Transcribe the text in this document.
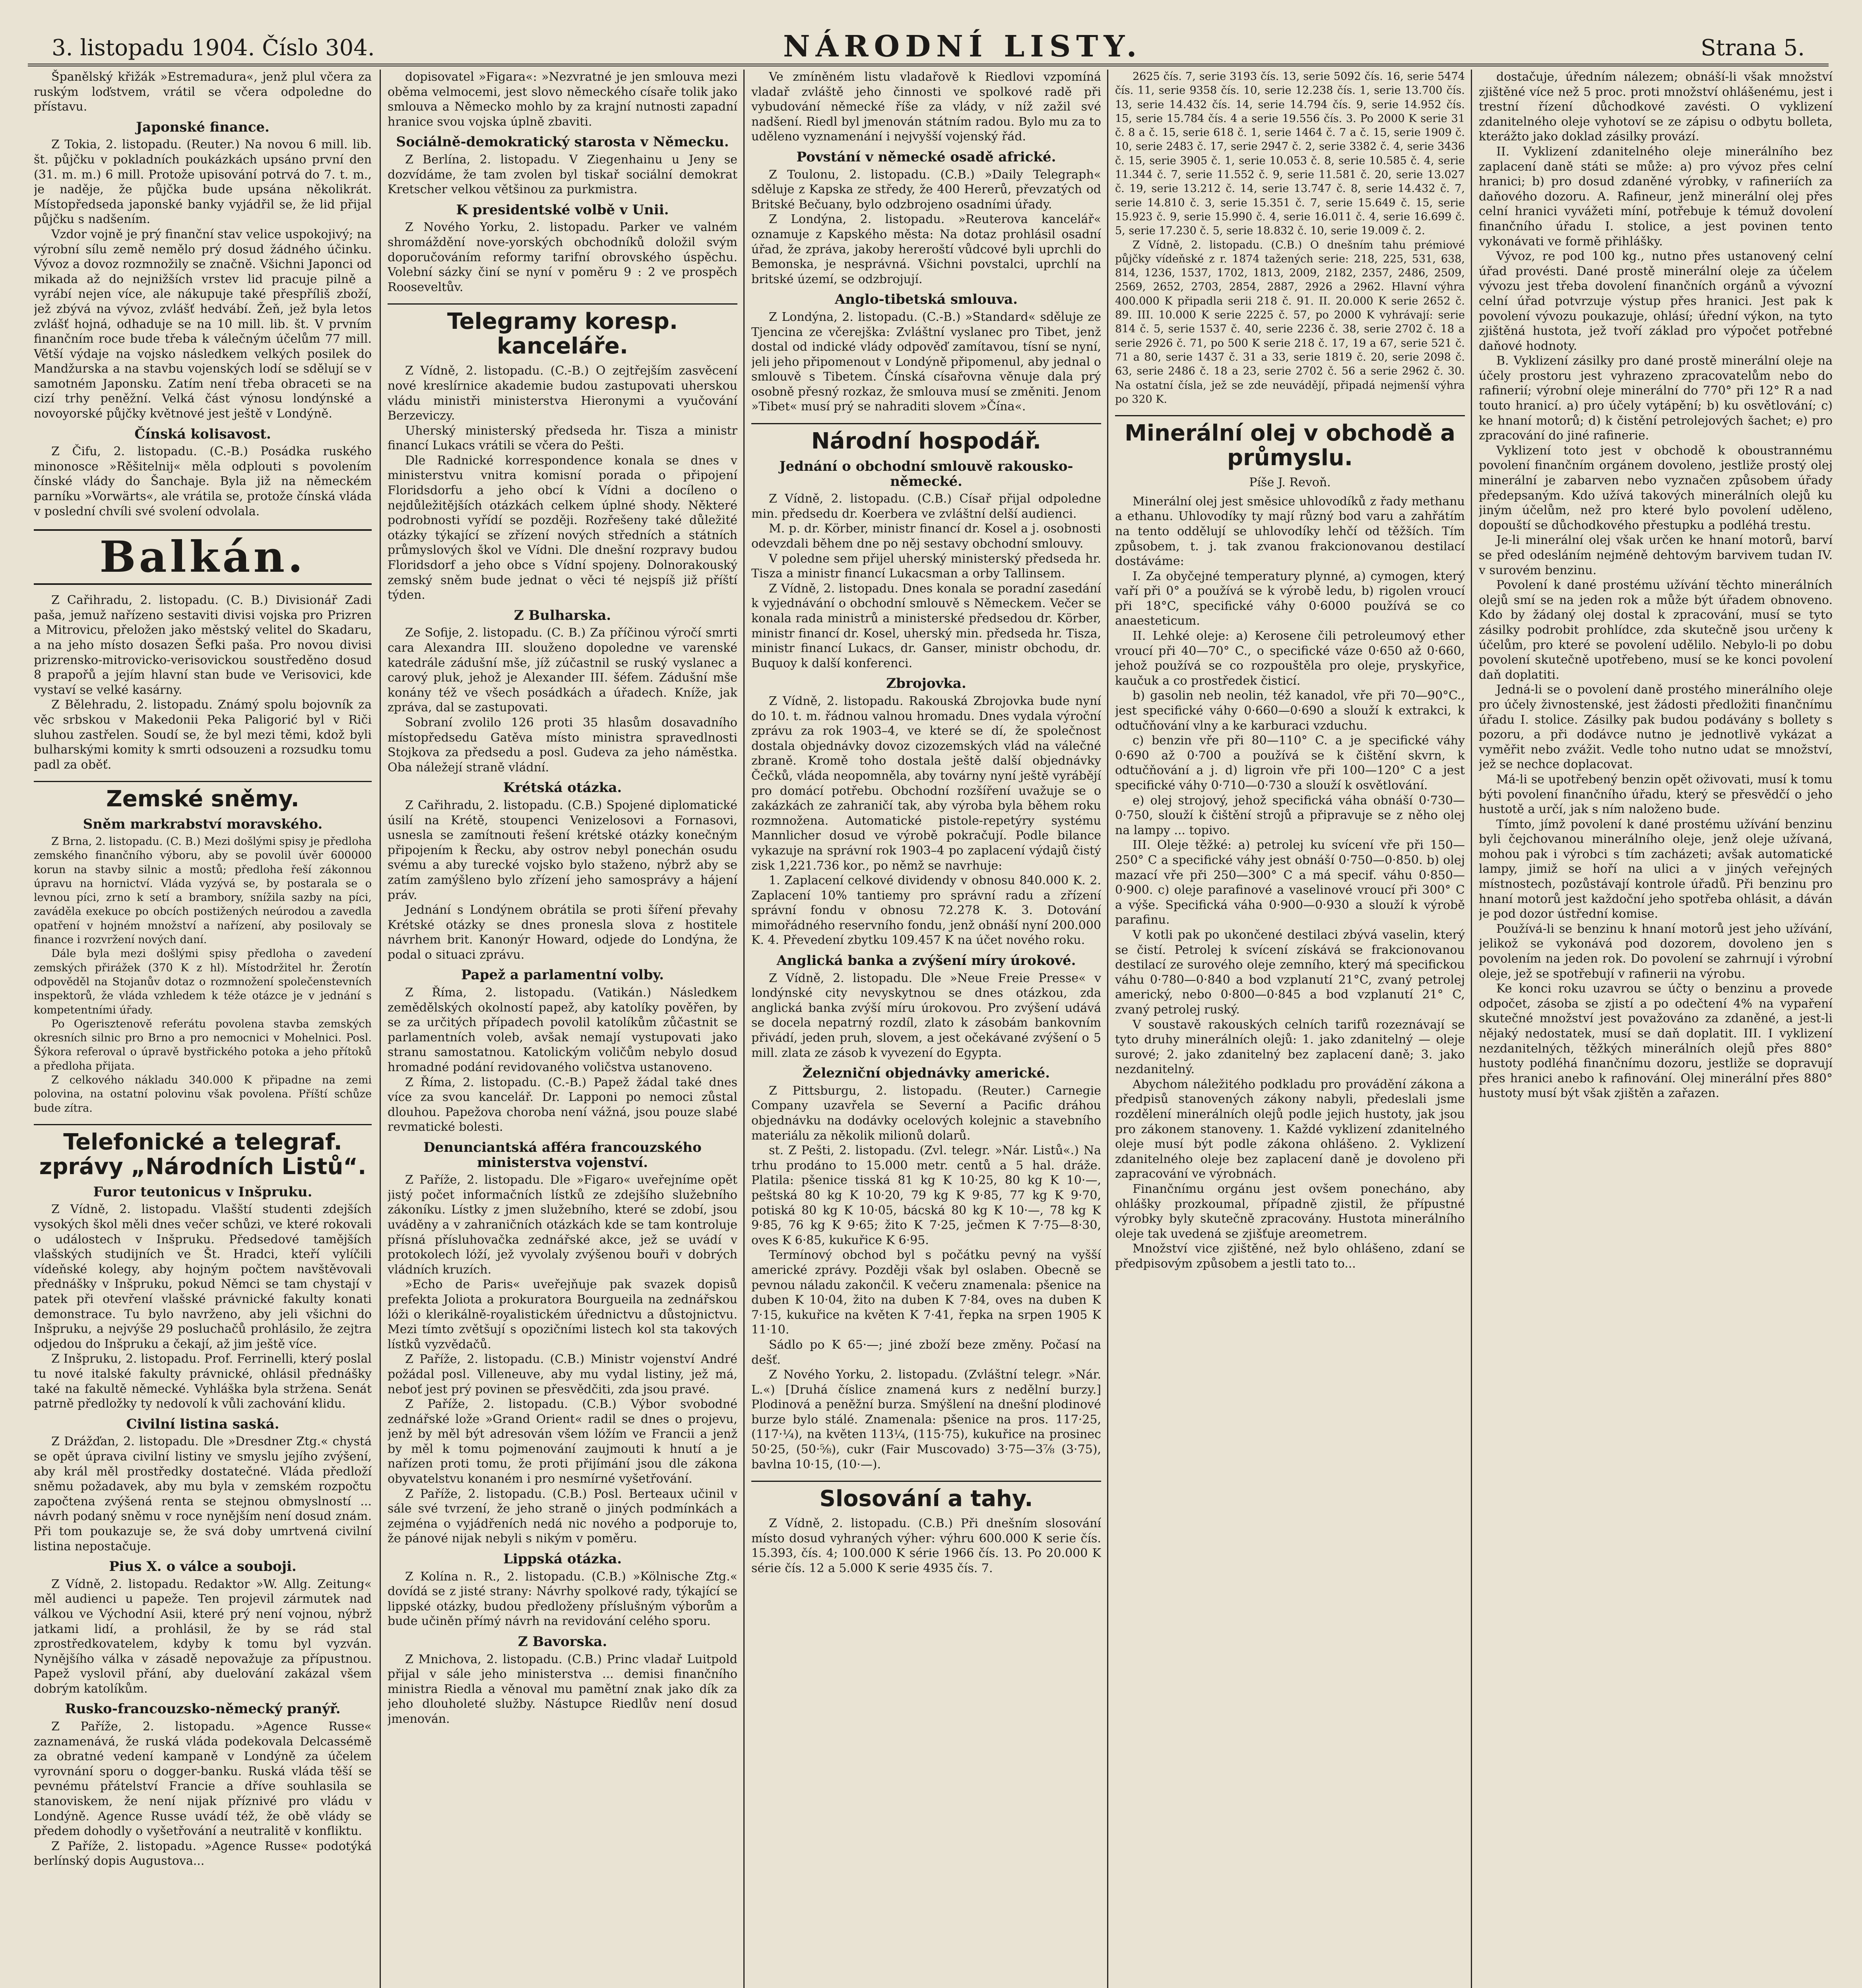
3. listopadu 1904. Číslo 304.	NÁRODNÍ LISTY.	Strana 5.

Španělský křižák »Estremadura«, jenž plul včera za ruským loďstvem, vrátil se včera odpoledne do přístavu.

Japonské finance.

Z Tokia, 2. listopadu. (Reuter.) Na novou 6 mill. lib. št. půjčku v pokladních poukázkách upsáno první den (31. m. m.) 6 mill. Protože upisování potrvá do 7. t. m., je naděje, že půjčka bude upsána několikrát. Místopředseda japonské banky vyjádřil se, že lid přijal půjčku s nadšením.

Vzdor vojně je prý finanční stav velice uspokojivý; na výrobní sílu země nemělo prý dosud žádného účinku. Vývoz a dovoz rozmnožily se značně. Všichni Japonci od mikada až do nejnižších vrstev lid pracuje pilně a vyrábí nejen více, ale nákupuje také přespříliš zboží, jež zbývá na vývoz, zvlášť hedvábí. Žeň, jež byla letos zvlášť hojná, odhaduje se na 10 mill. lib. št. V prvním finančním roce bude třeba k válečným účelům 77 mill. Větší výdaje na vojsko následkem velkých posilek do Mandžurska a na stavbu vojenských lodí se sdělují se v samotném Japonsku. Zatím není třeba obraceti se na cizí trhy peněžní. Velká část výnosu londýnské a novoyorské půjčky květnové jest ještě v Londýně.

Čínská kolisavost.

Z Čifu, 2. listopadu. (C.-B.) Posádka ruského minonosce »Rěšitelnij« měla odplouti s povolením čínské vlády do Šanchaje. Byla již na německém parníku »Vorwärts«, ale vrátila se, protože čínská vláda v poslední chvíli své svolení odvolala.

Balkán.

Z Cařihradu, 2. listopadu. (C. B.) Divisionář Zadi paša, jemuž nařízeno sestaviti divisi vojska pro Prizren a Mitrovicu, přeložen jako městský velitel do Skadaru, a na jeho místo dosazen Šefki paša. Pro novou divisi prizrensko-mitrovicko-verisovickou soustředěno dosud 8 prapořů a jejím hlavní stan bude ve Verisovici, kde vystaví se velké kasárny.

Z Bělehradu, 2. listopadu. Známý spolu bojovník za věc srbskou v Makedonii Peka Paligorić byl v Riči sluhou zastřelen. Soudí se, že byl mezi těmi, kdož byli bulharskými komity k smrti odsouzeni a rozsudku tomu padl za oběť.

Zemské sněmy.
Sněm markrabství moravského.

Z Brna, 2. listopadu. (C. B.) Mezi došlými spisy je předloha zemského finančního výboru, aby se povolil úvěr 600000 korun na stavby silnic a mostů; předloha řeší zákonnou úpravu na hornictví. Vláda vyzývá se, by postarala se o levnou píci, zrno k setí a brambory, snížila sazby na píci, zaváděla exekuce po obcích postižených neúrodou a zavedla opatření v hojném množství a nařízení, aby posilovaly se finance i rozvržení nových daní.

Dále byla mezi došlými spisy předloha o zavedení zemských přirážek (370 K z hl). Místodržitel hr. Žerotín odpověděl na Stojanův dotaz o rozmnožení společenstevních inspektorů, že vláda vzhledem k téže otázce je v jednání s kompetentními úřady.

Po Ogerisztenově referátu povolena stavba zemských okresních silnic pro Brno a pro nemocnici v Mohelnici. Posl. Šýkora referoval o úpravě bystřického potoka a jeho přítoků a předloha přijata.

Z celkového nákladu 340.000 K připadne na zemi polovina, na ostatní polovinu však povolena. Příští schůze bude zítra.

Telefonické a telegraf. zprávy „Národních Listů“.
Furor teutonicus v Inšpruku.

Z Vídně, 2. listopadu. Vlašští studenti zdejších vysokých škol měli dnes večer schůzi, ve které rokovali o událostech v Inšpruku. Předsedové tamějších vlašských studijních ve Št. Hradci, kteří vylíčili vídeňské kolegy, aby hojným počtem navštěvovali přednášky v Inšpruku, pokud Němci se tam chystají v patek při otevření vlašské právnické fakulty konati demonstrace. Tu bylo navrženo, aby jeli všichni do Inšpruku, a nejvýše 29 posluchačů prohlásilo, že zejtra odjedou do Inšpruku a čekají, až jim ještě více.

Z Inšpruku, 2. listopadu. Prof. Ferrinelli, který poslal tu nové italské fakulty právnické, ohlásil přednášky také na fakultě německé. Vyhláška byla stržena. Senát patrně předložky ty nedovolí k vůli zachování klidu.

Civilní listina saská.

Z Drážďan, 2. listopadu. Dle »Dresdner Ztg.« chystá se opět úprava civilní listiny ve smyslu jejího zvýšení, aby král měl prostředky dostatečné. Vláda předloží sněmu požadavek, aby mu byla v zemském rozpočtu započtena zvýšená renta se stejnou obmyslností ... návrh podaný sněmu v roce nynějším není dosud znám. Při tom poukazuje se, že svá doby umrtvená civilní listina nepostačuje.

Pius X. o válce a souboji.

Z Vídně, 2. listopadu. Redaktor »W. Allg. Zeitung« měl audienci u papeže. Ten projevil zármutek nad válkou ve Východní Asii, které prý není vojnou, nýbrž jatkami lidí, a prohlásil, že by se rád stal zprostředkovatelem, kdyby k tomu byl vyzván. Nynějšího válka v zásadě nepovažuje za přípustnou. Papež vyslovil přání, aby duelování zakázal všem dobrým katolíkům.

Rusko-francouzsko-německý pranýř.

Z Paříže, 2. listopadu. »Agence Russe« zaznamenává, že ruská vláda podekovala Delcassémě za obratné vedení kampaně v Londýně za účelem vyrovnání sporu o dogger-banku. Ruská vláda těší se pevnému přátelství Francie a dříve souhlasila se stanoviskem, že není nijak příznivé pro vládu v Londýně. Agence Russe uvádí též, že obě vlády se předem dohodly o vyšetřování a neutralitě v konfliktu.

Z Paříže, 2. listopadu. »Agence Russe« podotýká berlínský dopis Augustova...

dopisovatel »Figara«: »Nezvratné je jen smlouva mezi oběma velmocemi, jest slovo německého císaře tolik jako smlouva a Německo mohlo by za krajní nutnosti zapadní hranice svou vojska úplně zbaviti.

Sociálně-demokratický starosta v Německu.

Z Berlína, 2. listopadu. V Ziegenhainu u Jeny se dozvídáme, že tam zvolen byl tiskař sociální demokrat Kretscher velkou většinou za purkmistra.

K presidentské volbě v Unii.

Z Nového Yorku, 2. listopadu. Parker ve valném shromáždění nove-yorských obchodníků doložil svým doporučováním reformy tarifní obrovského úspěchu. Volební sázky činí se nyní v poměru 9 : 2 ve prospěch Rooseveltův.

Telegramy koresp. kanceláře.

Z Vídně, 2. listopadu. (C.-B.) O zejtřejším zasvěcení nové kreslírnice akademie budou zastupovati uherskou vládu ministři ministerstva Hieronymi a vyučování Berzeviczy.

Uherský ministerský předseda hr. Tisza a ministr financí Lukacs vrátili se včera do Pešti.

Dle Radnické korrespondence konala se dnes v ministerstvu vnitra komisní porada o připojení Floridsdorfu a jeho obcí k Vídni a docíleno o nejdůležitějších otázkách celkem úplné shody. Některé podrobnosti vyřídí se později. Rozřešeny také důležité otázky týkající se zřízení nových středních a státních průmyslových škol ve Vídni. Dle dnešní rozpravy budou Floridsdorf a jeho obce s Vídní spojeny. Dolnorakouský zemský sněm bude jednat o věci té nejspíš již příští týden.

Z Bulharska.

Ze Sofije, 2. listopadu. (C. B.) Za příčinou výročí smrti cara Alexandra III. slouženo dopoledne ve varenské katedrále zádušní mše, jíž zúčastnil se ruský vyslanec a carový pluk, jehož je Alexander III. šéfem. Zádušní mše konány též ve všech posádkách a úřadech. Kníže, jak zpráva, dal se zastupovati.

Sobraní zvolilo 126 proti 35 hlasům dosavadního místopředsedu Gatěva místo ministra spravedlnosti Stojkova za předsedu a posl. Gudeva za jeho náměstka. Oba náležejí straně vládní.

Krétská otázka.

Z Cařihradu, 2. listopadu. (C.B.) Spojené diplomatické úsilí na Krétě, stoupenci Venizelosovi a Fornasovi, usnesla se zamítnouti řešení krétské otázky konečným připojením k Řecku, aby ostrov nebyl ponechán osudu svému a aby turecké vojsko bylo staženo, nýbrž aby se zatím zamýšleno bylo zřízení jeho samosprávy a hájení práv.

Jednání s Londýnem obrátila se proti šíření převahy Krétské otázky se dnes pronesla slova z hostitele návrhem brit. Kanonýr Howard, odjede do Londýna, že podal o situaci zprávu.

Papež a parlamentní volby.

Z Říma, 2. listopadu. (Vatikán.) Následkem zemědělských okolností papež, aby katolíky pověřen, by se za určitých případech povolil katolíkům zůčastnit se parlamentních voleb, avšak nemají vystupovati jako stranu samostatnou. Katolickým voličům nebylo dosud hromadné podání revidovaného voličstva ustanoveno.

Z Říma, 2. listopadu. (C.-B.) Papež žádal také dnes více za svou kancelář. Dr. Lapponi po nemoci zůstal dlouhou. Papežova choroba není vážná, jsou pouze slabé revmatické bolesti.

Denunciantská afféra francouzského ministerstva vojenství.

Z Paříže, 2. listopadu. Dle »Figaro« uveřejníme opět jistý počet informačních lístků ze zdejšího služebního zákoníku. Lístky z jmen služebního, které se zdobí, jsou uváděny a v zahraničních otázkách kde se tam kontroluje přísná přísluhovačka zednářské akce, jež se uvádí v protokolech lóží, jež vyvolaly zvýšenou bouři v dobrých vládních kruzích.

»Echo de Paris« uveřejňuje pak svazek dopisů prefekta Joliota a prokuratora Bourgueila na zednářskou lóži o klerikálně-royalistickém úřednictvu a důstojnictvu. Mezi tímto zvětšují s opozičními listech kol sta takových lístků vyzvědačů.

Z Paříže, 2. listopadu. (C.B.) Ministr vojenství André požádal posl. Villeneuve, aby mu vydal listiny, jež má, neboť jest prý povinen se přesvědčiti, zda jsou pravé.

Z Paříže, 2. listopadu. (C.B.) Výbor svobodné zednářské lože »Grand Orient« radil se dnes o projevu, jenž by měl být adresován všem lóžím ve Francii a jenž by měl k tomu pojmenování zaujmouti k hnutí a je nařízen proti tomu, že proti přijímání jsou dle zákona obyvatelstvu konaném i pro nesmírné vyšetřování.

Z Paříže, 2. listopadu. (C.B.) Posl. Berteaux učinil v sále své tvrzení, že jeho straně o jiných podmínkách a zejména o vyjádřeních nedá nic nového a podporuje to, že pánové nijak nebyli s nikým v poměru.

Lippská otázka.

Z Kolína n. R., 2. listopadu. (C.B.) »Kölnische Ztg.« dovídá se z jisté strany: Návrhy spolkové rady, týkající se lippské otázky, budou předloženy příslušným výborům a bude učiněn přímý návrh na revidování celého sporu.

Z Bavorska.

Z Mnichova, 2. listopadu. (C.B.) Princ vladař Luitpold přijal v sále jeho ministerstva ... demisi finančního ministra Riedla a věnoval mu pamětní znak jako dík za jeho dlouholeté služby. Nástupce Riedlův není dosud jmenován.

Ve zmíněném listu vladařově k Riedlovi vzpomíná vladař zvláště jeho činnosti ve spolkové radě při vybudování německé říše za vlády, v níž zažil své nadšení. Riedl byl jmenován státním radou. Bylo mu za to uděleno vyznamenání i nejvyšší vojenský řád.

Povstání v německé osadě africké.

Z Toulonu, 2. listopadu. (C.B.) »Daily Telegraph« sděluje z Kapska ze středy, že 400 Hererů, převzatých od Britské Bečuany, bylo odzbrojeno osadními úřady.

Z Londýna, 2. listopadu. »Reuterova kancelář« oznamuje z Kapského města: Na dotaz prohlásil osadní úřad, že zpráva, jakoby hereroští vůdcové byli uprchli do Bemonska, je nesprávná. Všichni povstalci, uprchlí na britské území, se odzbrojují.

Anglo-tibetská smlouva.

Z Londýna, 2. listopadu. (C.-B.) »Standard« sděluje ze Tjencina ze včerejška: Zvláštní vyslanec pro Tibet, jenž dostal od indické vlády odpověď zamítavou, tísní se nyní, jeli jeho připomenout v Londýně připomenul, aby jednal o smlouvě s Tibetem. Čínská císařovna věnuje dala prý osobně přesný rozkaz, že smlouva musí se změniti. Jenom »Tibet« musí prý se nahraditi slovem »Čína«.

Národní hospodář.
Jednání o obchodní smlouvě rakousko-německé.

Z Vídně, 2. listopadu. (C.B.) Císař přijal odpoledne min. předsedu dr. Koerbera ve zvláštní delší audienci.

M. p. dr. Körber, ministr financí dr. Kosel a j. osobnosti odevzdali během dne po něj sestavy obchodní smlouvy.

V poledne sem přijel uherský ministerský předseda hr. Tisza a ministr financí Lukacsman a orby Tallinsem.

Z Vídně, 2. listopadu. Dnes konala se poradní zasedání k vyjednávání o obchodní smlouvě s Německem. Večer se konala rada ministrů a ministerské předsedou dr. Körber, ministr financí dr. Kosel, uherský min. předseda hr. Tisza, ministr financí Lukacs, dr. Ganser, ministr obchodu, dr. Buquoy k další konferenci.

Zbrojovka.

Z Vídně, 2. listopadu. Rakouská Zbrojovka bude nyní do 10. t. m. řádnou valnou hromadu. Dnes vydala výroční zprávu za rok 1903–4, ve které se dí, že společnost dostala objednávky dovoz cizozemských vlád na válečné zbraně. Kromě toho dostala ještě další objednávky Čečků, vláda neopomněla, aby továrny nyní ještě vyrábějí pro domácí potřebu. Obchodní rozšíření uvažuje se o zakázkách ze zahraničí tak, aby výroba byla během roku rozmnožena. Automatické pistole-repetýry systému Mannlicher dosud ve výrobě pokračují. Podle bilance vykazuje na správní rok 1903–4 po zaplacení výdajů čistý zisk 1,221.736 kor., po němž se navrhuje:

1. Zaplacení celkové dividendy v obnosu 840.000 K. 2. Zaplacení 10% tantiemy pro správní radu a zřízení správní fondu v obnosu 72.278 K. 3. Dotování mimořádného reservního fondu, jenž obnáší nyní 200.000 K. 4. Převedení zbytku 109.457 K na účet nového roku.

Anglická banka a zvýšení míry úrokové.

Z Vídně, 2. listopadu. Dle »Neue Freie Presse« v londýnské city nevyskytnou se dnes otázkou, zda anglická banka zvýší míru úrokovou. Pro zvýšení udává se docela nepatrný rozdíl, zlato k zásobám bankovním přivádí, jeden pruh, slovem, a jest očekávané zvýšení o 5 mill. zlata ze zásob k vyvezení do Egypta.

Železniční objednávky americké.

Z Pittsburgu, 2. listopadu. (Reuter.) Carnegie Company uzavřela se Severní a Pacific dráhou objednávku na dodávky ocelových kolejnic a stavebního materiálu za několik milionů dolarů.

st. Z Pešti, 2. listopadu. (Zvl. telegr. »Nár. Listů«.) Na trhu prodáno to 15.000 metr. centů a 5 hal. dráže. Platila: pšenice tisská 81 kg K 10·25, 80 kg K 10·—, peštská 80 kg K 10·20, 79 kg K 9·85, 77 kg K 9·70, potiská 80 kg K 10·05, bácská 80 kg K 10·—, 78 kg K 9·85, 76 kg K 9·65; žito K 7·25, ječmen K 7·75—8·30, oves K 6·85, kukuřice K 6·95.

Termínový obchod byl s počátku pevný na vyšší americké zprávy. Později však byl oslaben. Obecně se pevnou náladu zakončil. K večeru znamenala: pšenice na duben K 10·04, žito na duben K 7·84, oves na duben K 7·15, kukuřice na květen K 7·41, řepka na srpen 1905 K 11·10.

Sádlo po K 65·—; jiné zboží beze změny. Počasí na dešť.

Z Nového Yorku, 2. listopadu. (Zvláštní telegr. »Nár. L.«) [Druhá číslice znamená kurs z nedělní burzy.] Plodinová a peněžní burza. Smýšlení na dnešní plodinové burze bylo stálé. Znamenala: pšenice na pros. 117·25, (117·¼), na květen 113¼, (115·75), kukuřice na prosinec 50·25, (50·⅝), cukr (Fair Muscovado) 3·75—3⅞ (3·75), bavlna 10·15, (10·—).

Slosování a tahy.

Z Vídně, 2. listopadu. (C.B.) Při dnešním slosování místo dosud vyhraných výher: výhru 600.000 K serie čís. 15.393, čís. 4; 100.000 K série 1966 čís. 13. Po 20.000 K série čís. 12 a 5.000 K serie 4935 čís. 7.

2625 čís. 7, serie 3193 čís. 13, serie 5092 čís. 16, serie 5474 čís. 11, serie 9358 čís. 10, serie 12.238 čís. 1, serie 13.700 čís. 13, serie 14.432 čís. 14, serie 14.794 čís. 9, serie 14.952 čís. 15, serie 15.784 čís. 4 a serie 19.556 čís. 3. Po 2000 K serie 31 č. 8 a č. 15, serie 618 č. 1, serie 1464 č. 7 a č. 15, serie 1909 č. 10, serie 2483 č. 17, serie 2947 č. 2, serie 3382 č. 4, serie 3436 č. 15, serie 3905 č. 1, serie 10.053 č. 8, serie 10.585 č. 4, serie 11.344 č. 7, serie 11.552 č. 9, serie 11.581 č. 20, serie 13.027 č. 19, serie 13.212 č. 14, serie 13.747 č. 8, serie 14.432 č. 7, serie 14.810 č. 3, serie 15.351 č. 7, serie 15.649 č. 15, serie 15.923 č. 9, serie 15.990 č. 4, serie 16.011 č. 4, serie 16.699 č. 5, serie 17.230 č. 5, serie 18.832 č. 10, serie 19.009 č. 2.

Z Vídně, 2. listopadu. (C.B.) O dnešním tahu prémiové půjčky vídeňské z r. 1874 tažených serie: 218, 225, 531, 638, 814, 1236, 1537, 1702, 1813, 2009, 2182, 2357, 2486, 2509, 2569, 2652, 2703, 2854, 2887, 2926 a 2962. Hlavní výhra 400.000 K připadla serii 218 č. 91. II. 20.000 K serie 2652 č. 89. III. 10.000 K serie 2225 č. 57, po 2000 K vyhrávají: serie 814 č. 5, serie 1537 č. 40, serie 2236 č. 38, serie 2702 č. 18 a serie 2926 č. 71, po 500 K serie 218 č. 17, 19 a 67, serie 521 č. 71 a 80, serie 1437 č. 31 a 33, serie 1819 č. 20, serie 2098 č. 63, serie 2486 č. 18 a 23, serie 2702 č. 56 a serie 2962 č. 30. Na ostatní čísla, jež se zde neuvádějí, připadá nejmenší výhra po 320 K.

Minerální olej v obchodě a průmyslu.
Píše J. Revoň.

Minerální olej jest směsice uhlovodíků z řady methanu a ethanu. Uhlovodíky ty mají různý bod varu a zahřátím na tento oddělují se uhlovodíky lehčí od těžších. Tím způsobem, t. j. tak zvanou frakcionovanou destilací dostáváme:

I. Za obyčejné temperatury plynné, a) cymogen, který vaří při 0° a používá se k výrobě ledu, b) rigolen vroucí při 18°C, specifické váhy 0·6000 používá se co anaesteticum.

II. Lehké oleje: a) Kerosene čili petroleumový ether vroucí při 40—70° C., o specifické váze 0·650 až 0·660, jehož používá se co rozpouštěla pro oleje, pryskyřice, kaučuk a co prostředek čisticí.

b) gasolin neb neolin, též kanadol, vře při 70—90°C., jest specifické váhy 0·660—0·690 a slouží k extrakci, k odtučňování vlny a ke karburaci vzduchu.

c) benzin vře při 80—110° C. a je specifické váhy 0·690 až 0·700 a používá se k čištění skvrn, k odtučňování a j. d) ligroin vře při 100—120° C a jest specifické váhy 0·710—0·730 a slouží k osvětlování.

e) olej strojový, jehož specifická váha obnáší 0·730—0·750, slouží k čištění strojů a připravuje se z něho olej na lampy ... topivo.

III. Oleje těžké: a) petrolej ku svícení vře při 150—250° C a specifické váhy jest obnáší 0·750—0·850. b) olej mazací vře při 250—300° C a má specif. váhu 0·850—0·900. c) oleje parafinové a vaselinové vroucí při 300° C a výše. Specifická váha 0·900—0·930 a slouží k výrobě parafinu.

V kotli pak po ukončené destilaci zbývá vaselin, který se čistí. Petrolej k svícení získává se frakcionovanou destilací ze surového oleje zemního, který má specifickou váhu 0·780—0·840 a bod vzplanutí 21°C, zvaný petrolej americký, nebo 0·800—0·845 a bod vzplanutí 21° C, zvaný petrolej ruský.

V soustavě rakouských celních tarifů rozeznávají se tyto druhy minerálních olejů: 1. jako zdanitelný — oleje surové; 2. jako zdanitelný bez zaplacení daně; 3. jako nezdanitelný.

Abychom náležitého podkladu pro provádění zákona a předpisů stanovených zákony nabyli, předeslali jsme rozdělení minerálních olejů podle jejich hustoty, jak jsou pro zákonem stanoveny. 1. Každé vyklizení zdanitelného oleje musí být podle zákona ohlášeno. 2. Vyklizení zdanitelného oleje bez zaplacení daně je dovoleno při zapracování ve výrobnách.

Finančnímu orgánu jest ovšem ponecháno, aby ohlášky prozkoumal, případně zjistil, že přípustné výrobky byly skutečně zpracovány. Hustota minerálního oleje tak uvedená se zjišťuje areometrem.

Množství vice zjištěné, než bylo ohlášeno, zdaní se předpisovým způsobem a jestli tato to...

dostačuje, úředním nálezem; obnáší-li však množství zjištěné více než 5 proc. proti množství ohlášenému, jest i trestní řízení důchodkové zavésti. O vyklizení zdanitelného oleje vyhotoví se ze zápisu o odbytu bolleta, kterážto jako doklad zásilky provází.

II. Vyklizení zdanitelného oleje minerálního bez zaplacení daně státi se může: a) pro vývoz přes celní hranici; b) pro dosud zdaněné výrobky, v rafineriích za daňového dozoru. A. Rafineur, jenž minerální olej přes celní hranici vyvážeti míní, potřebuje k témuž dovolení finančního úřadu I. stolice, a jest povinen tento vykonávati ve formě přihlášky.

Vývoz, re pod 100 kg., nutno přes ustanovený celní úřad provésti. Dané prostě minerální oleje za účelem vývozu jest třeba dovolení finančních orgánů a vývozní celní úřad potvrzuje výstup přes hranici. Jest pak k povolení vývozu poukazuje, ohlásí; úřední výkon, na tyto zjištěná hustota, jež tvoří základ pro výpočet potřebné daňové hodnoty.

B. Vyklizení zásilky pro dané prostě minerální oleje na účely prostoru jest vyhrazeno zpracovatelům nebo do rafinerií; výrobní oleje minerální do 770° při 12° R a nad touto hranicí. a) pro účely vytápění; b) ku osvětlování; c) ke hnaní motorů; d) k čistění petrolejových šachet; e) pro zpracování do jiné rafinerie.

Vyklizení toto jest v obchodě k oboustrannému povolení finančním orgánem dovoleno, jestliže prostý olej minerální je zabarven nebo vyznačen způsobem úřady předepsaným. Kdo užívá takových minerálních olejů ku jiným účelům, než pro které bylo povolení uděleno, dopouští se důchodkového přestupku a podléhá trestu.

Je-li minerální olej však určen ke hnaní motorů, barví se před odesláním nejméně dehtovým barvivem tudan IV. v surovém benzinu.

Povolení k dané prostému užívání těchto minerálních olejů smí se na jeden rok a může být úřadem obnoveno. Kdo by žádaný olej dostal k zpracování, musí se tyto zásilky podrobit prohlídce, zda skutečně jsou určeny k účelům, pro které se povolení udělilo. Nebylo-li po dobu povolení skutečně upotřebeno, musí se ke konci povolení daň doplatiti.

Jedná-li se o povolení daně prostého minerálního oleje pro účely živnostenské, jest žádosti předložiti finančnímu úřadu I. stolice. Zásilky pak budou podávány s bollety s pozoru, a při dodávce nutno je jednotlivě vykázat a vyměřit nebo zvážit. Vedle toho nutno udat se množství, jež se nechce doplacovat.

Má-li se upotřebený benzin opět oživovati, musí k tomu býti povolení finančního úřadu, který se přesvědčí o jeho hustotě a určí, jak s ním naloženo bude.

Tímto, jímž povolení k dané prostému užívání benzinu byli čejchovanou minerálního oleje, jenž oleje užívaná, mohou pak i výrobci s tím zacházeti; avšak automatické lampy, jimiž se hoří na ulici a v jiných veřejných místnostech, pozůstávají kontrole úřadů. Při benzinu pro hnaní motorů jest každoční jeho spotřeba ohlásit, a dáván je pod dozor ústřední komise.

Používá-li se benzinu k hnaní motorů jest jeho užívání, jelikož se vykonává pod dozorem, dovoleno jen s povolením na jeden rok. Do povolení se zahrnují i výrobní oleje, jež se spotřebují v rafinerii na výrobu.

Ke konci roku uzavrou se účty o benzinu a provede odpočet, zásoba se zjistí a po odečtení 4% na vypaření skutečné množství jest považováno za zdaněné, a jest-li nějaký nedostatek, musí se daň doplatit. III. I vyklizení nezdanitelných, těžkých minerálních olejů přes 880° hustoty podléhá finančnímu dozoru, jestliže se dopravují přes hranici anebo k rafinování. Olej minerální přes 880° hustoty musí být však zjištěn a zařazen.
